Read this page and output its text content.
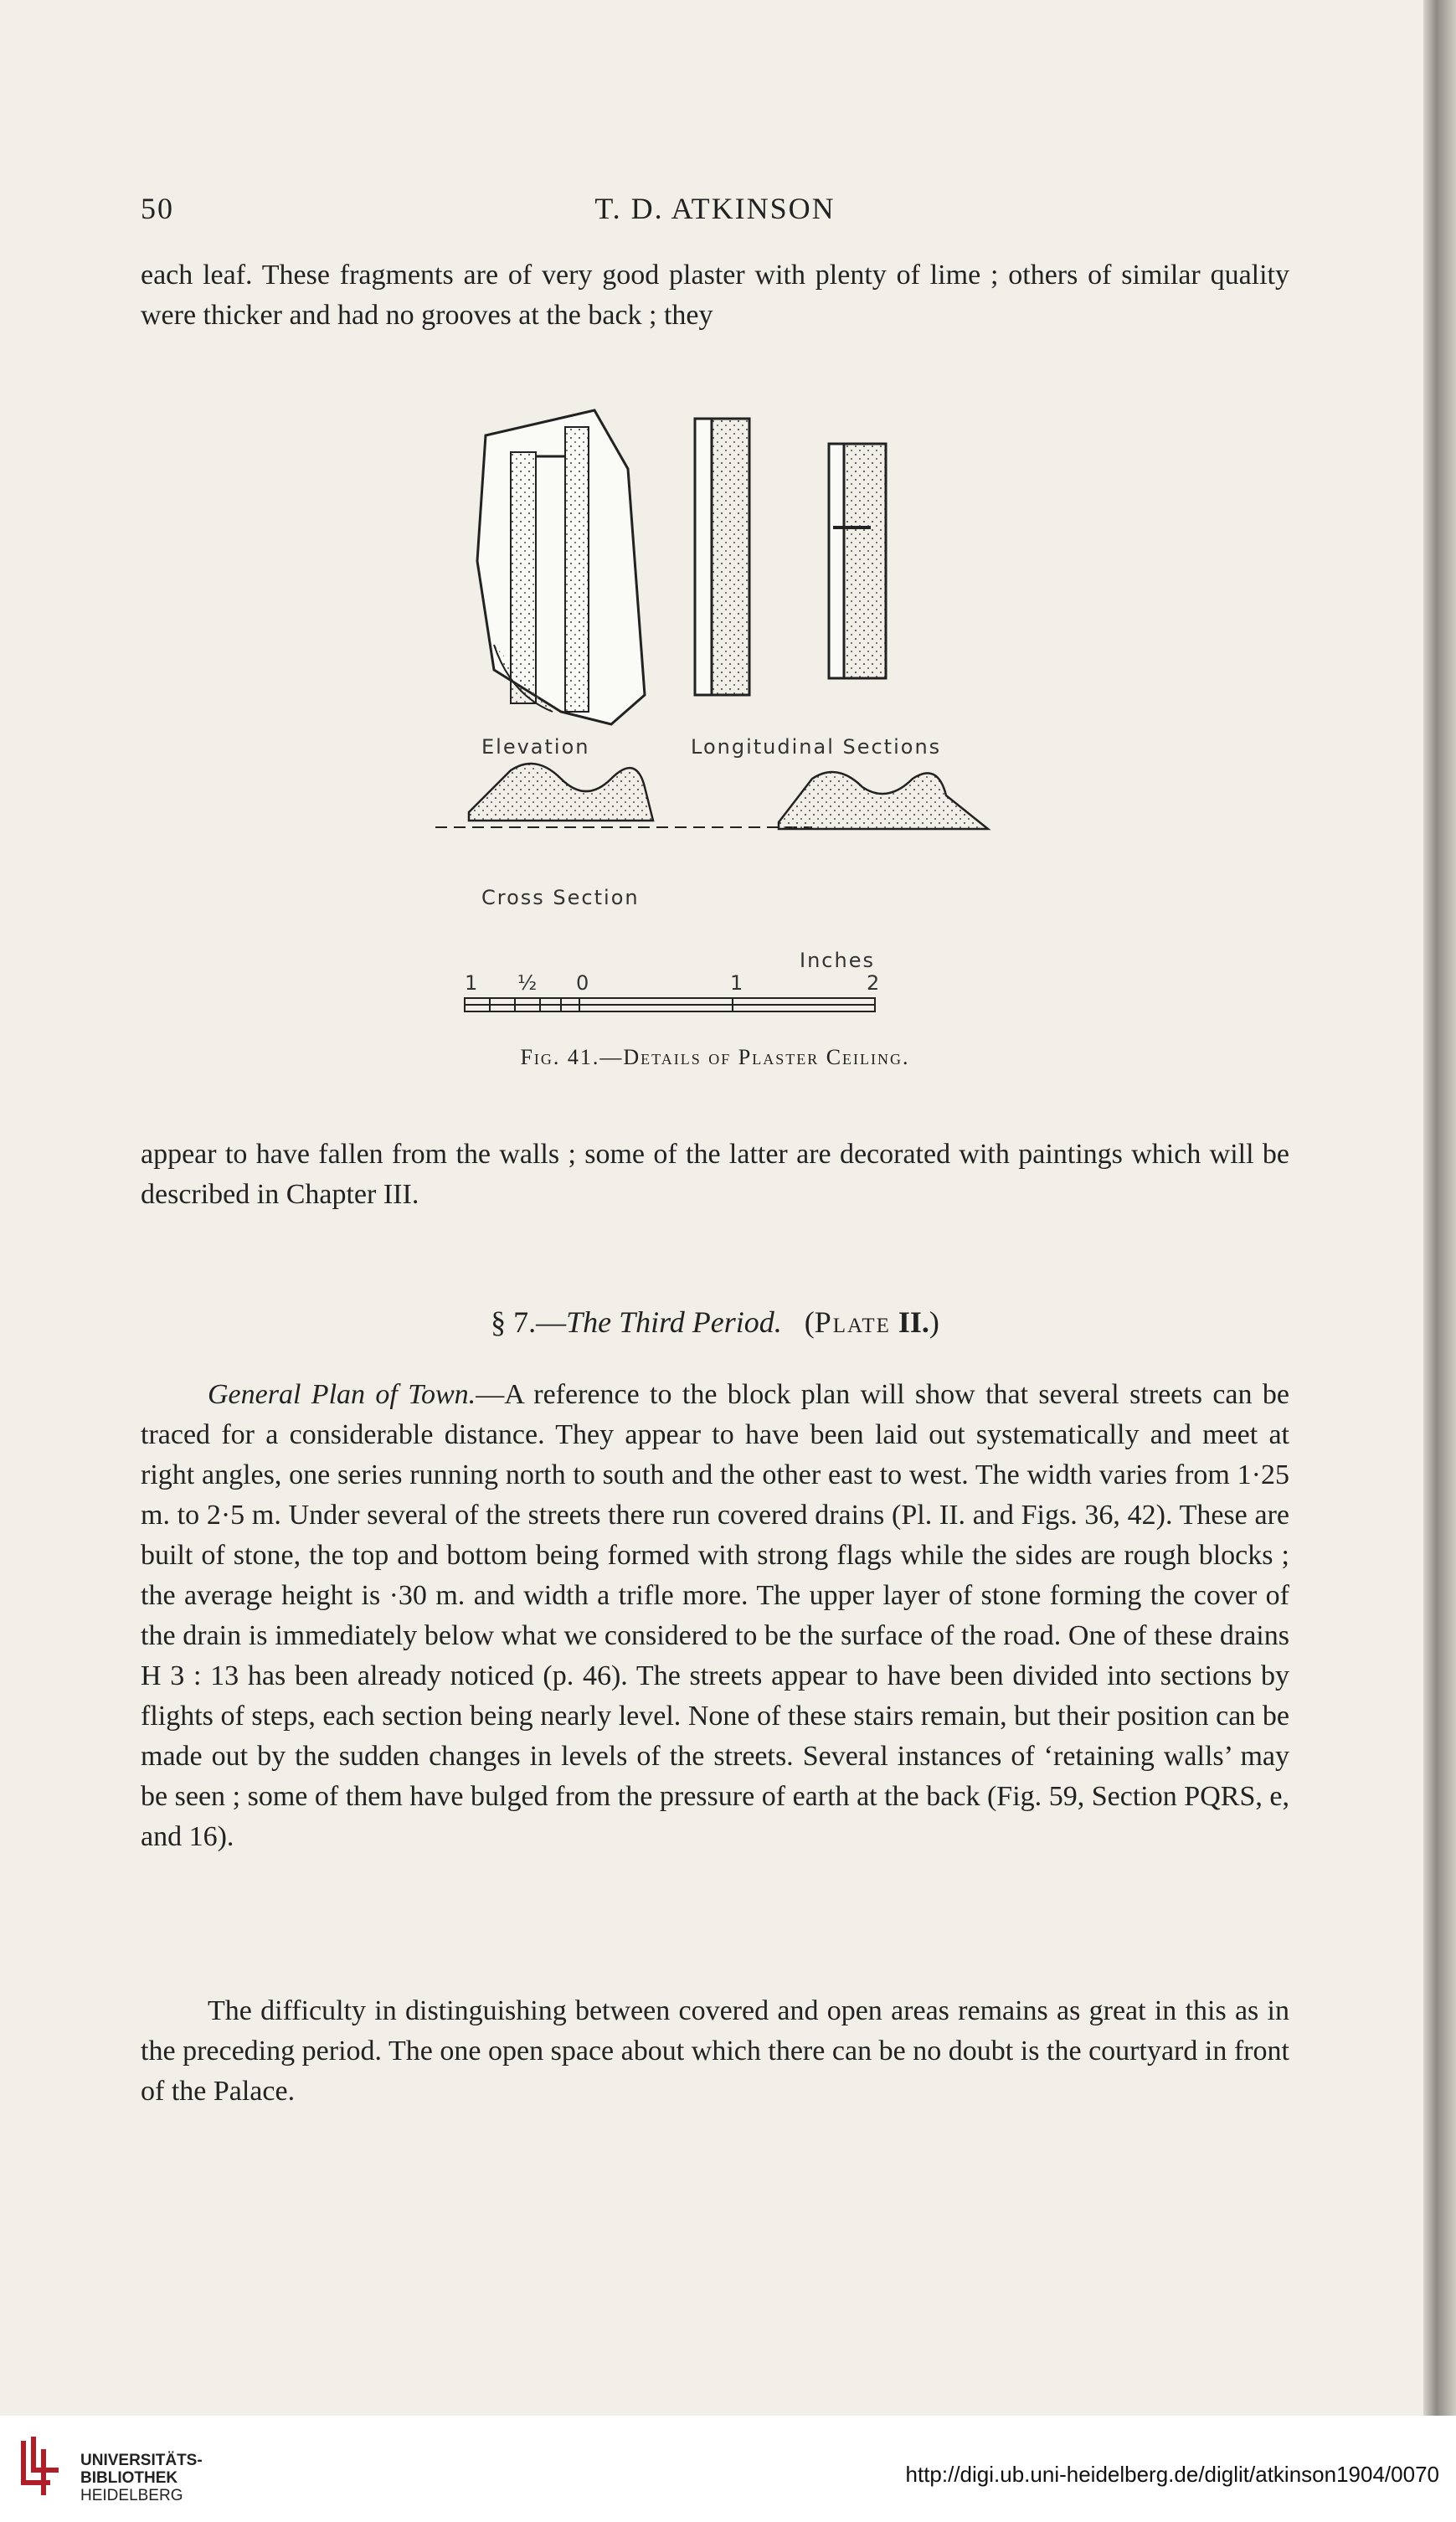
50	T. D. ATKINSON

each leaf. These fragments are of very good plaster with plenty of lime ; others of similar quality were thicker and had no grooves at the back ; they

Elevation	Longitudinal Sections
Cross Section
Inches
1 ½ 0	1	2
Fig. 41.—Details of Plaster Ceiling.

appear to have fallen from the walls ; some of the latter are decorated with paintings which will be described in Chapter III.

§ 7.—The Third Period. (Plate II.)

General Plan of Town.—A reference to the block plan will show that several streets can be traced for a considerable distance. They appear to have been laid out systematically and meet at right angles, one series running north to south and the other east to west. The width varies from 1·25 m. to 2·5 m. Under several of the streets there run covered drains (Pl. II. and Figs. 36, 42). These are built of stone, the top and bottom being formed with strong flags while the sides are rough blocks ; the average height is ·30 m. and width a trifle more. The upper layer of stone forming the cover of the drain is immediately below what we considered to be the surface of the road. One of these drains H 3 : 13 has been already noticed (p. 46). The streets appear to have been divided into sections by flights of steps, each section being nearly level. None of these stairs remain, but their position can be made out by the sudden changes in levels of the streets. Several instances of ‘retaining walls’ may be seen ; some of them have bulged from the pressure of earth at the back (Fig. 59, Section PQRS, e, and 16).

The difficulty in distinguishing between covered and open areas remains as great in this as in the preceding period. The one open space about which there can be no doubt is the courtyard in front of the Palace.

UNIVERSITÄTS-
BIBLIOTHEK
HEIDELBERG
http://digi.ub.uni-heidelberg.de/diglit/atkinson1904/0070
